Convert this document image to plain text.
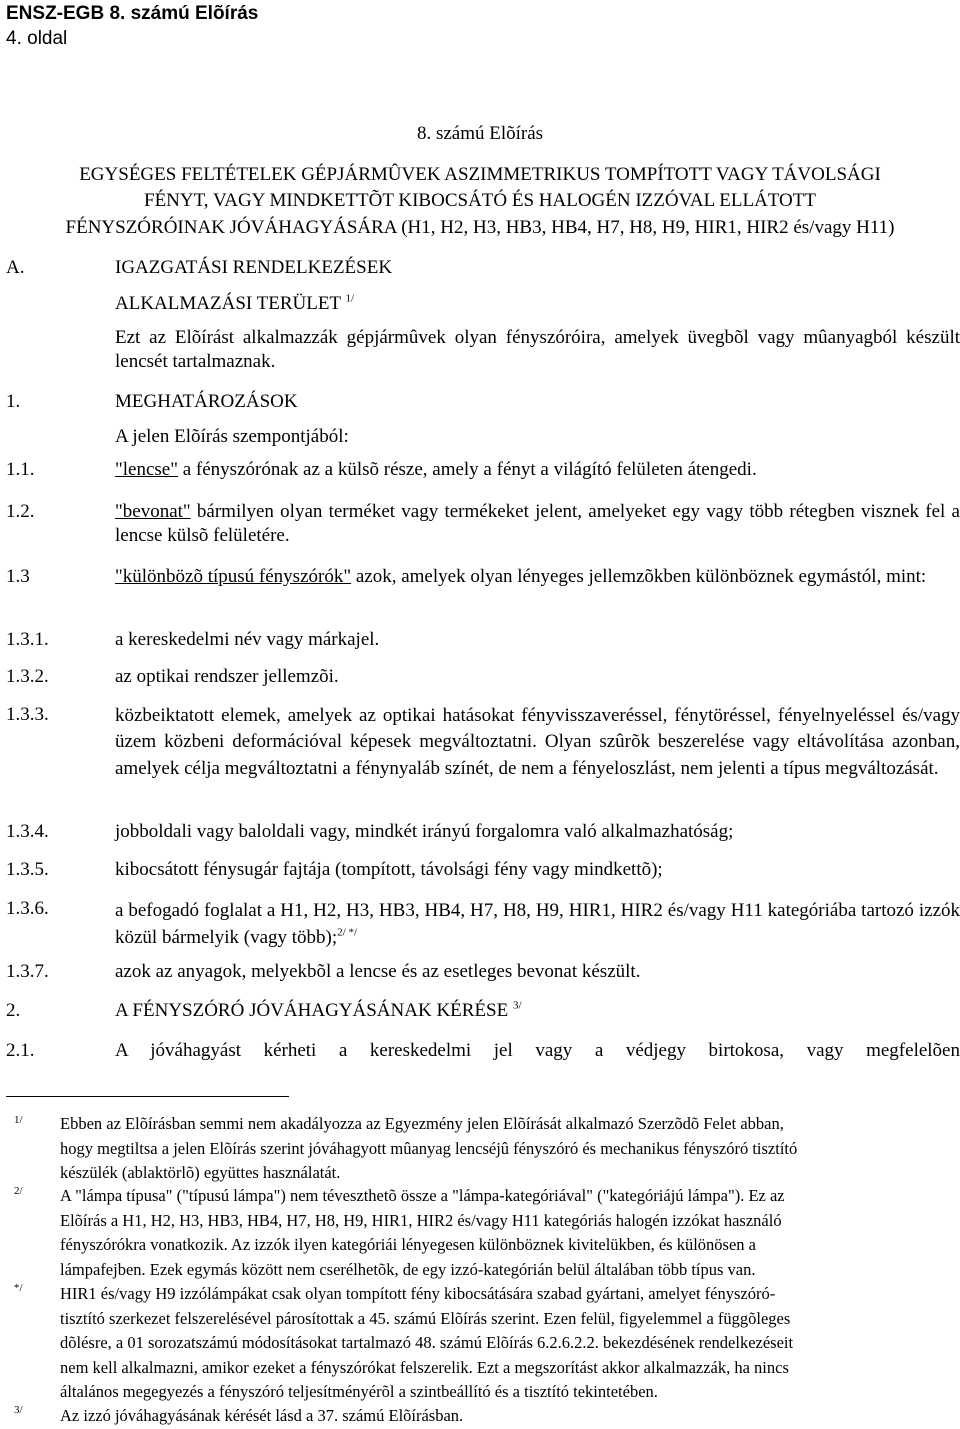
ENSZ-EGB 8. számú Elõírás
4. oldal
8. számú Elõírás
EGYSÉGES FELTÉTELEK GÉPJÁRMÛVEK ASZIMMETRIKUS TOMPÍTOTT VAGY TÁVOLSÁGI
FÉNYT, VAGY MINDKETTÕT KIBOCSÁTÓ ÉS HALOGÉN IZZÓVAL ELLÁTOTT
FÉNYSZÓRÓINAK JÓVÁHAGYÁSÁRA (H1, H2, H3, HB3, HB4, H7, H8, H9, HIR1, HIR2 és/vagy H11)
A.	IGAZGATÁSI RENDELKEZÉSEK
ALKALMAZÁSI TERÜLET $^{1/}$
Ezt az Elõírást alkalmazzák gépjármûvek olyan fényszóróira, amelyek üvegbõl vagy mûanyagból készült lencsét tartalmaznak.
1.	MEGHATÁROZÁSOK
A jelen Elõírás szempontjából:
1.1.	"lencse" a fényszórónak az a külsõ része, amely a fényt a világító felületen átengedi.
1.2.	"bevonat" bármilyen olyan terméket vagy termékeket jelent, amelyeket egy vagy több rétegben visznek fel a lencse külsõ felületére.
1.3	"különbözõ típusú fényszórók" azok, amelyek olyan lényeges jellemzõkben különböznek egymástól, mint:
1.3.1.	a kereskedelmi név vagy márkajel.
1.3.2.	az optikai rendszer jellemzõi.
1.3.3.	közbeiktatott elemek, amelyek az optikai hatásokat fényvisszaveréssel, fénytöréssel, fényelnyeléssel és/vagy üzem közbeni deformációval képesek megváltoztatni. Olyan szûrõk beszerelése vagy eltávolítása azonban, amelyek célja megváltoztatni a fénynyaláb színét, de nem a fényeloszlást, nem jelenti a típus megváltozását.
1.3.4.	jobboldali vagy baloldali vagy, mindkét irányú forgalomra való alkalmazhatóság;
1.3.5.	kibocsátott fénysugár fajtája (tompított, távolsági fény vagy mindkettõ);
1.3.6.	a befogadó foglalat a H1, H2, H3, HB3, HB4, H7, H8, H9, HIR1, HIR2 és/vagy H11 kategóriába tartozó izzók közül bármelyik (vagy több);$^{2/ */}$
1.3.7.	azok az anyagok, melyekbõl a lencse és az esetleges bevonat készült.
2.	A FÉNYSZÓRÓ JÓVÁHAGYÁSÁNAK KÉRÉSE $^{3/}$
2.1.	A jóváhagyást kérheti a kereskedelmi jel vagy a védjegy birtokosa, vagy megfelelõen
1/ Ebben az Elõírásban semmi nem akadályozza az Egyezmény jelen Elõírását alkalmazó Szerzõdõ Felet abban,
hogy megtiltsa a jelen Elõírás szerint jóváhagyott mûanyag lencséjû fényszóró és mechanikus fényszóró tisztító
készülék (ablaktörlõ) együttes használatát.
2/ A "lámpa típusa" ("típusú lámpa") nem téveszthetõ össze a "lámpa-kategóriával" ("kategóriájú lámpa"). Ez az
Elõírás a H1, H2, H3, HB3, HB4, H7, H8, H9, HIR1, HIR2 és/vagy H11 kategóriás halogén izzókat használó
fényszórókra vonatkozik. Az izzók ilyen kategóriái lényegesen különböznek kivitelükben, és különösen a
lámpafejben. Ezek egymás között nem cserélhetõk, de egy izzó-kategórián belül általában több típus van.
*/ HIR1 és/vagy H9 izzólámpákat csak olyan tompított fény kibocsátására szabad gyártani, amelyet fényszóró-
tisztító szerkezet felszerelésével párosítottak a 45. számú Elõírás szerint. Ezen felül, figyelemmel a függõleges
dõlésre, a 01 sorozatszámú módosításokat tartalmazó 48. számú Elõírás 6.2.6.2.2. bekezdésének rendelkezéseit
nem kell alkalmazni, amikor ezeket a fényszórókat felszerelik. Ezt a megszorítást akkor alkalmazzák, ha nincs
általános megegyezés a fényszóró teljesítményérõl a szintbeállító és a tisztító tekintetében.
3/ Az izzó jóváhagyásának kérését lásd a 37. számú Elõírásban.
